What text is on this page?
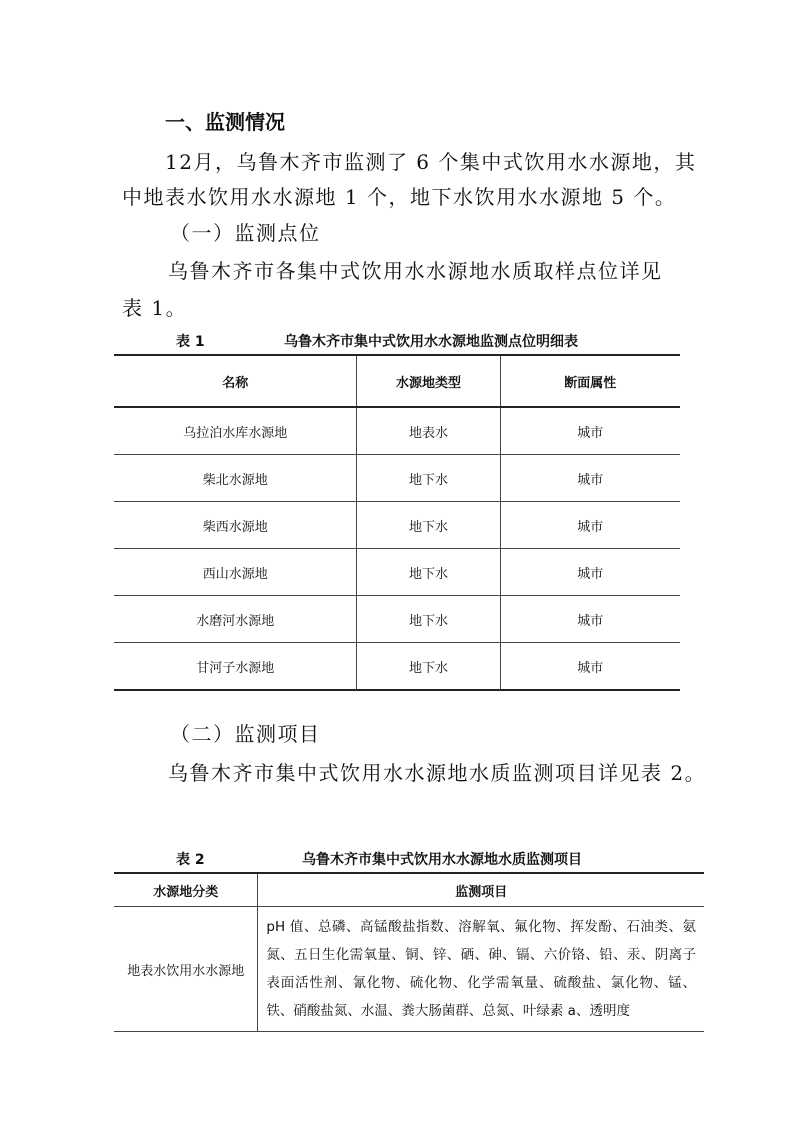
一、监测情况
12月，乌鲁木齐市监测了 6 个集中式饮用水水源地，其
中地表水饮用水水源地 1 个，地下水饮用水水源地 5 个。
（一）监测点位
乌鲁木齐市各集中式饮用水水源地水质取样点位详见
表 1。
表 1	乌鲁木齐市集中式饮用水水源地监测点位明细表
名称	水源地类型	断面属性
乌拉泊水库水源地	地表水	城市
柴北水源地	地下水	城市
柴西水源地	地下水	城市
西山水源地	地下水	城市
水磨河水源地	地下水	城市
甘河子水源地	地下水	城市
（二）监测项目
乌鲁木齐市集中式饮用水水源地水质监测项目详见表 2。
表 2	乌鲁木齐市集中式饮用水水源地水质监测项目
水源地分类	监测项目
地表水饮用水水源地	pH 值、总磷、高锰酸盐指数、溶解氧、氟化物、挥发酚、石油类、氨氮、五日生化需氧量、铜、锌、硒、砷、镉、六价铬、铅、汞、阴离子表面活性剂、氰化物、硫化物、化学需氧量、硫酸盐、氯化物、锰、铁、硝酸盐氮、水温、粪大肠菌群、总氮、叶绿素 a、透明度
